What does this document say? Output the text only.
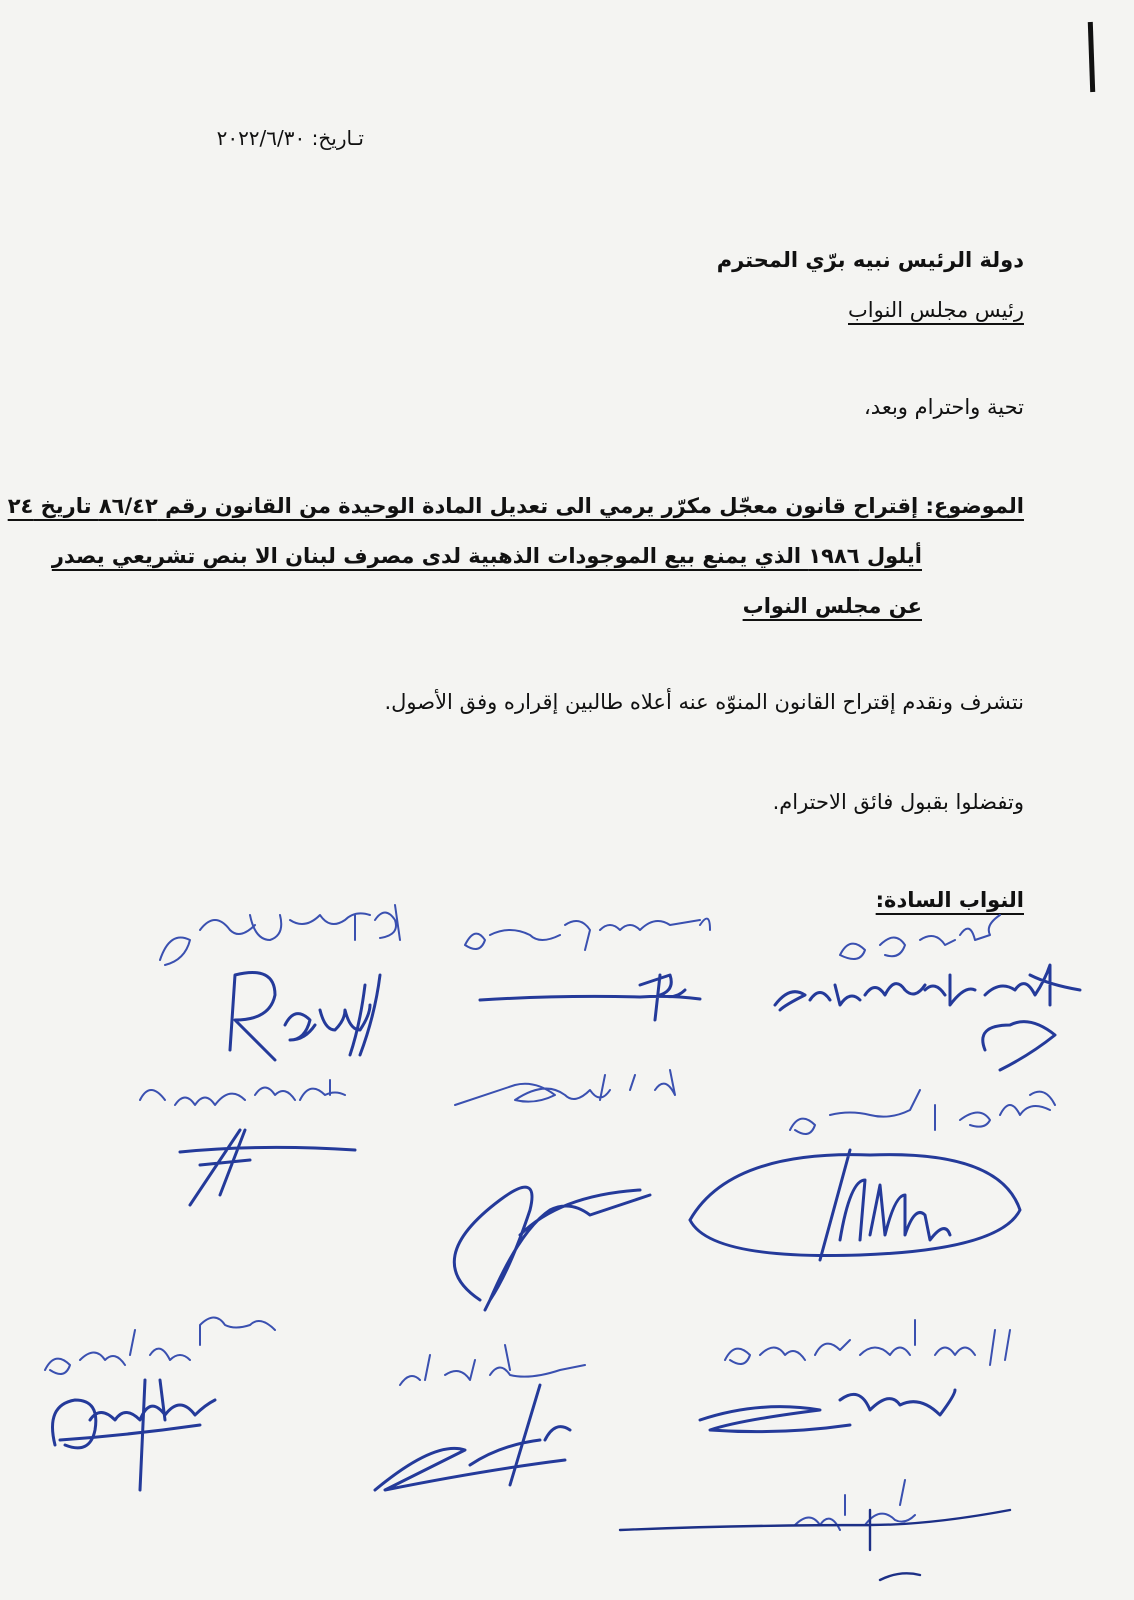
تـاريخ: ٢٠٢٢/٦/٣٠
دولة الرئيس نبيه برّي المحترم
رئيس مجلس النواب
تحية واحترام وبعد،
الموضوع: إقتراح قانون معجّل مكرّر يرمي الى تعديل المادة الوحيدة من القانون رقم ٨٦/٤٢ تاريخ ٢٤
أيلول ١٩٨٦ الذي يمنع بيع الموجودات الذهبية لدى مصرف لبنان الا بنص تشريعي يصدر
عن مجلس النواب
نتشرف ونقدم إقتراح القانون المنوّه عنه أعلاه طالبين إقراره وفق الأصول.
وتفضلوا بقبول فائق الاحترام.
النواب السادة:
